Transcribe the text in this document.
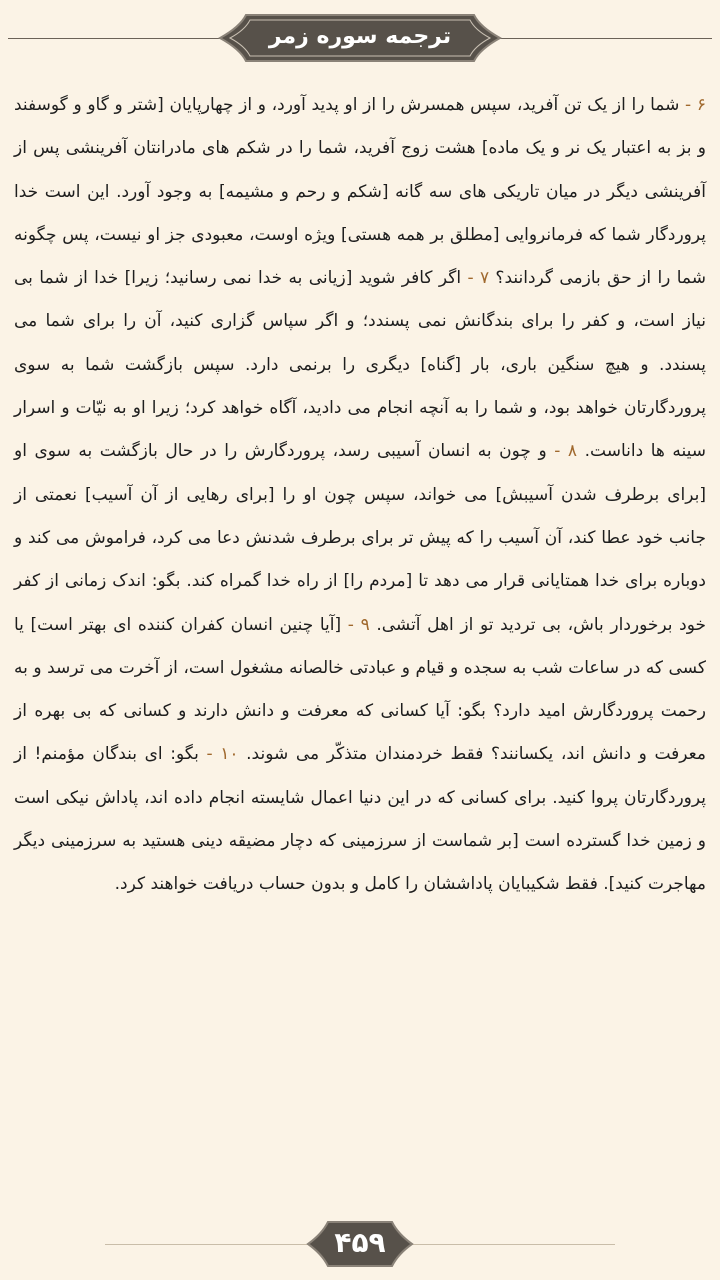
ترجمه سوره زمر
۶ - شما را از یک تن آفرید، سپس همسرش را از او پدید آورد، و از چهارپایان [شتر و گاو و گوسفند و بز به اعتبار یک نر و یک ماده] هشت زوج آفرید، شما را در شکم های مادرانتان آفرینشی پس از آفرینشی دیگر در میان تاریکی های سه گانه [شکم و رحم و مشیمه] به وجود آورد. این است خدا پروردگار شما که فرمانروایی [مطلق بر همه هستی] ویژه اوست، معبودی جز او نیست، پس چگونه شما را از حق بازمی گردانند؟ ۷ - اگر کافر شوید [زیانی به خدا نمی رسانید؛ زیرا] خدا از شما بی نیاز است، و کفر را برای بندگانش نمی پسندد؛ و اگر سپاس گزاری کنید، آن را برای شما می پسندد. و هیچ سنگین باری، بار [گناه] دیگری را برنمی دارد. سپس بازگشت شما به سوی پروردگارتان خواهد بود، و شما را به آنچه انجام می دادید، آگاه خواهد کرد؛ زیرا او به نیّات و اسرار سینه ها داناست. ۸ - و چون به انسان آسیبی رسد، پروردگارش را در حال بازگشت به سوی او [برای برطرف شدن آسیبش] می خواند، سپس چون او را [برای رهایی از آن آسیب] نعمتی از جانب خود عطا کند، آن آسیب را که پیش تر برای برطرف شدنش دعا می کرد، فراموش می کند و دوباره برای خدا همتایانی قرار می دهد تا [مردم را] از راه خدا گمراه کند. بگو: اندک زمانی از کفر خود برخوردار باش، بی تردید تو از اهل آتشی. ۹ - [آیا چنین انسان کفران کننده ای بهتر است] یا کسی که در ساعات شب به سجده و قیام و عبادتی خالصانه مشغول است، از آخرت می ترسد و به رحمت پروردگارش امید دارد؟ بگو: آیا کسانی که معرفت و دانش دارند و کسانی که بی بهره از معرفت و دانش اند، یکسانند؟ فقط خردمندان متذکّر می شوند. ۱۰ - بگو: ای بندگان مؤمنم! از پروردگارتان پروا کنید. برای کسانی که در این دنیا اعمال شایسته انجام داده اند، پاداش نیکی است و زمین خدا گسترده است [بر شماست از سرزمینی که دچار مضیقه دینی هستید به سرزمینی دیگر مهاجرت کنید]. فقط شکیبایان پاداششان را کامل و بدون حساب دریافت خواهند کرد.
۴۵۹
